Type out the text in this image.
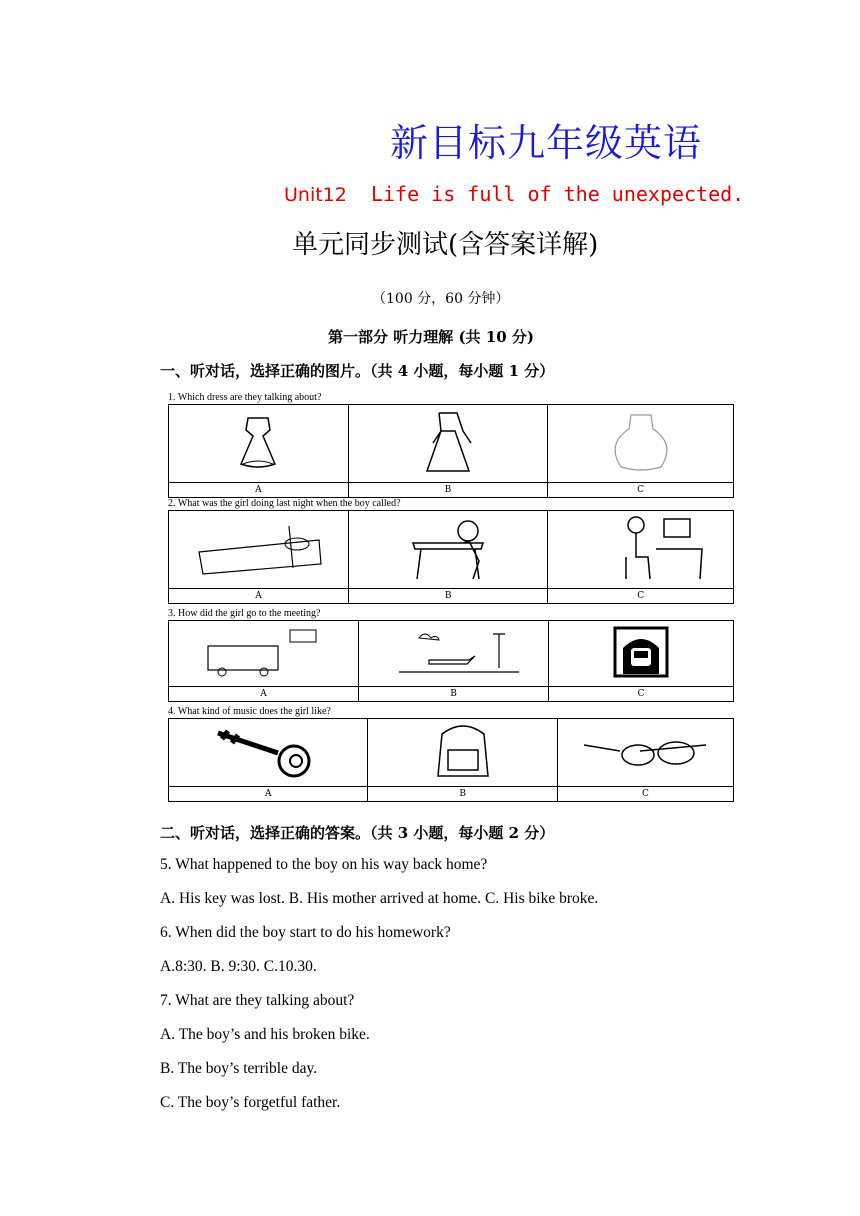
新目标九年级英语
Unit12 Life is full of the unexpected.
单元同步测试(含答案详解)
（100 分，60 分钟）
第一部分 听力理解 (共 10 分)
一、听对话，选择正确的图片。（共 4 小题，每小题 1 分）
1. Which dress are they talking about?

A	B	C
2. What was the girl doing last night when the boy called?

A	B	C
3. How did the girl go to the meeting?

A	B	C
4. What kind of music does the girl like?

A	B	C
二、听对话，选择正确的答案。（共 3 小题，每小题 2 分）
5. What happened to the boy on his way back home?
A. His key was lost. B. His mother arrived at home. C. His bike broke.
6. When did the boy start to do his homework?
A.8:30. B. 9:30. C.10.30.
7. What are they talking about?
A. The boy’s and his broken bike.
B. The boy’s terrible day.
C. The boy’s forgetful father.
